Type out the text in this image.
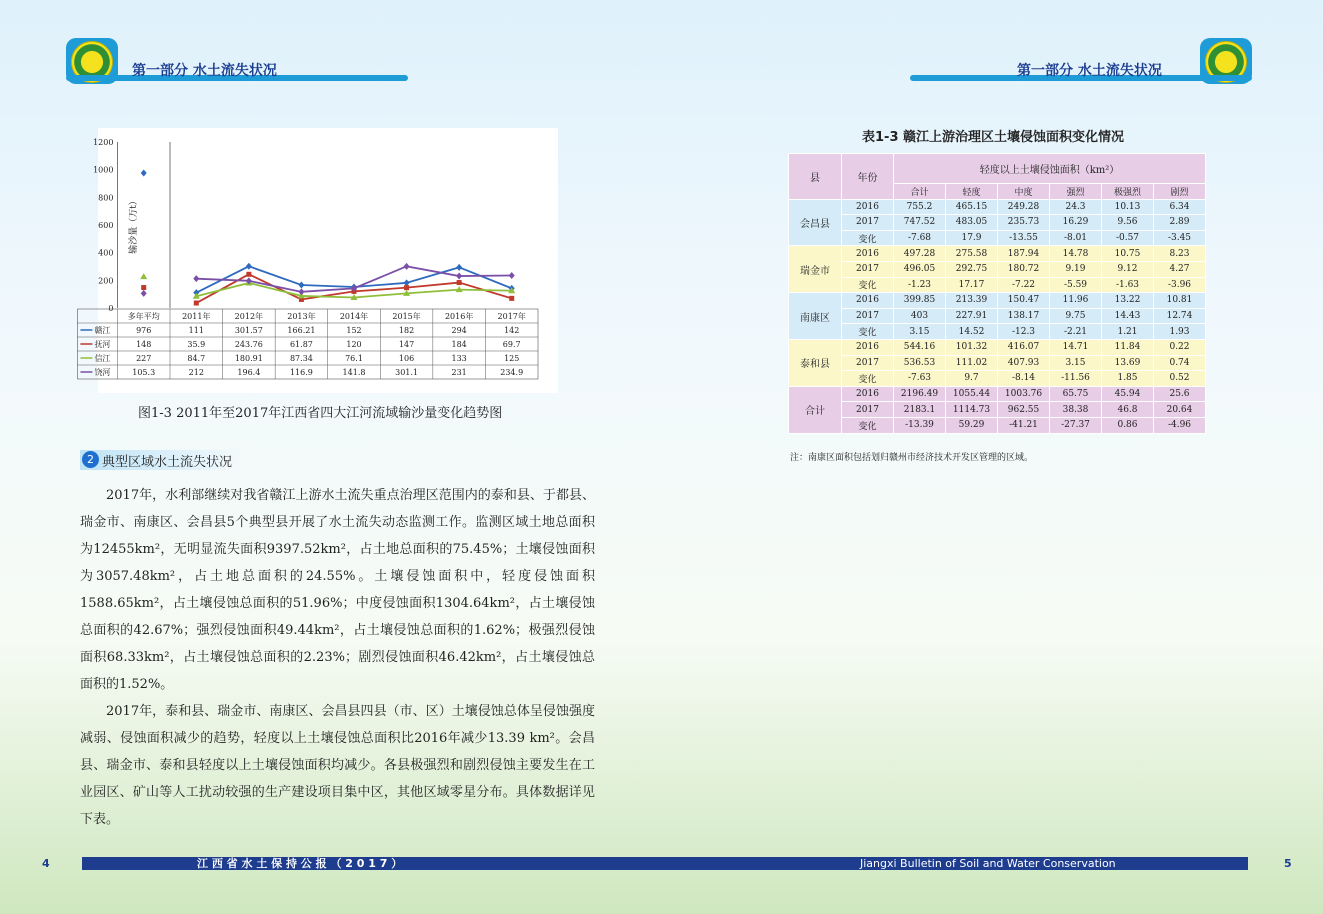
第一部分 水土流失状况	第一部分 水土流失状况
0
200
400
600
800
1000
1200
输沙量（万t）
多年平均	2011年	2012年	2013年	2014年	2015年	2016年	2017年
赣江	976	111	301.57	166.21	152	182	294	142
抚河	148	35.9	243.76	61.87	120	147	184	69.7
信江	227	84.7	180.91	87.34	76.1	106	133	125
饶河	105.3	212	196.4	116.9	141.8	301.1	231	234.9
图1-3 2011年至2017年江西省四大江河流域输沙量变化趋势图
2 典型区域水土流失状况

2017年，水利部继续对我省赣江上游水土流失重点治理区范围内的泰和县、于都县、瑞金市、南康区、会昌县5个典型县开展了水土流失动态监测工作。监测区域土地总面积为12455km²，无明显流失面积9397.52km²，占土地总面积的75.45%；土壤侵蚀面积为3057.48km²，占土地总面积的24.55%。土壤侵蚀面积中，轻度侵蚀面积1588.65km²，占土壤侵蚀总面积的51.96%；中度侵蚀面积1304.64km²，占土壤侵蚀总面积的42.67%；强烈侵蚀面积49.44km²，占土壤侵蚀总面积的1.62%；极强烈侵蚀面积68.33km²，占土壤侵蚀总面积的2.23%；剧烈侵蚀面积46.42km²，占土壤侵蚀总面积的1.52%。

2017年，泰和县、瑞金市、南康区、会昌县四县（市、区）土壤侵蚀总体呈侵蚀强度减弱、侵蚀面积减少的趋势，轻度以上土壤侵蚀总面积比2016年减少13.39 km²。会昌县、瑞金市、泰和县轻度以上土壤侵蚀面积均减少。各县极强烈和剧烈侵蚀主要发生在工业园区、矿山等人工扰动较强的生产建设项目集中区，其他区域零星分布。具体数据详见下表。

表1-3 赣江上游治理区土壤侵蚀面积变化情况
县	年份	轻度以上土壤侵蚀面积（km²）					
		合计	轻度	中度	强烈	极强烈	剧烈
会昌县	2016	755.2	465.15	249.28	24.3	10.13	6.34
	2017	747.52	483.05	235.73	16.29	9.56	2.89
	变化	-7.68	17.9	-13.55	-8.01	-0.57	-3.45
瑞金市	2016	497.28	275.58	187.94	14.78	10.75	8.23
	2017	496.05	292.75	180.72	9.19	9.12	4.27
	变化	-1.23	17.17	-7.22	-5.59	-1.63	-3.96
南康区	2016	399.85	213.39	150.47	11.96	13.22	10.81
	2017	403	227.91	138.17	9.75	14.43	12.74
	变化	3.15	14.52	-12.3	-2.21	1.21	1.93
泰和县	2016	544.16	101.32	416.07	14.71	11.84	0.22
	2017	536.53	111.02	407.93	3.15	13.69	0.74
	变化	-7.63	9.7	-8.14	-11.56	1.85	0.52
合计	2016	2196.49	1055.44	1003.76	65.75	45.94	25.6
	2017	2183.1	1114.73	962.55	38.38	46.8	20.64
	变化	-13.39	59.29	-41.21	-27.37	0.86	-4.96
注：南康区面积包括划归赣州市经济技术开发区管理的区域。
4	江 西 省 水 土 保 持 公 报 （ 2 0 1 7 ）	Jiangxi Bulletin of Soil and Water Conservation	5
